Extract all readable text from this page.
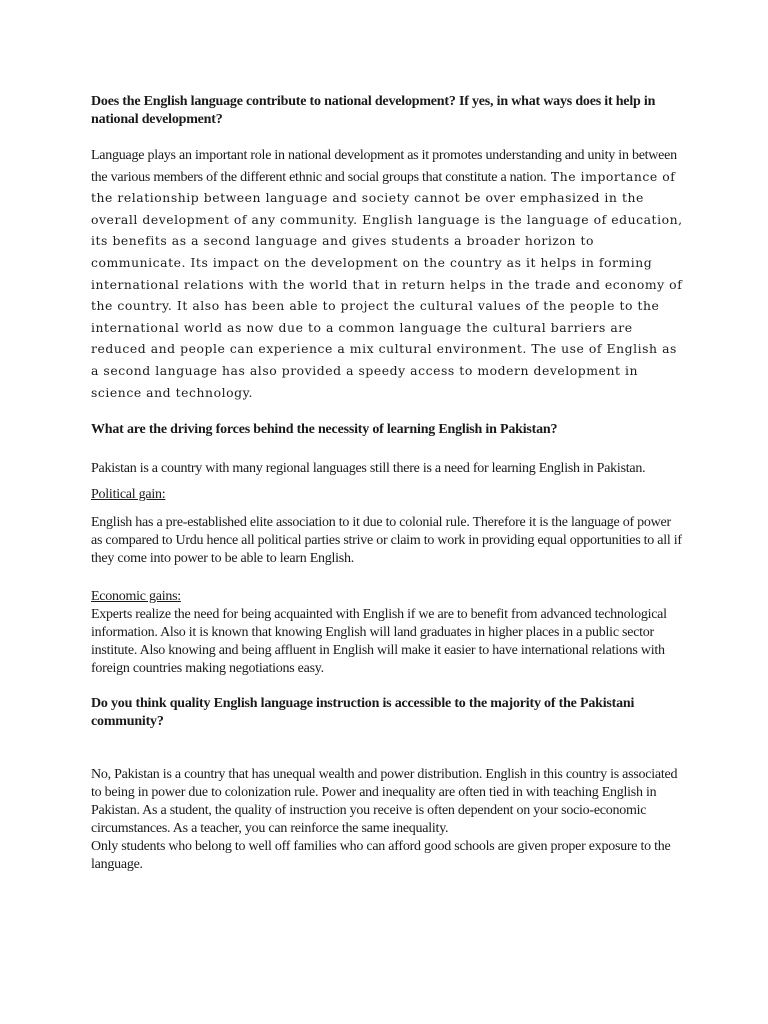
Does the English language contribute to national development? If yes, in what ways does it help in national development?

Language plays an important role in national development as it promotes understanding and unity in between the various members of the different ethnic and social groups that constitute a nation. The importance of the relationship between language and society cannot be over emphasized in the overall development of any community. English language is the language of education, its benefits as a second language and gives students a broader horizon to communicate. Its impact on the development on the country as it helps in forming international relations with the world that in return helps in the trade and economy of the country. It also has been able to project the cultural values of the people to the international world as now due to a common language the cultural barriers are reduced and people can experience a mix cultural environment. The use of English as a second language has also provided a speedy access to modern development in science and technology.

What are the driving forces behind the necessity of learning English in Pakistan?

Pakistan is a country with many regional languages still there is a need for learning English in Pakistan.

Political gain:

English has a pre-established elite association to it due to colonial rule. Therefore it is the language of power as compared to Urdu hence all political parties strive or claim to work in providing equal opportunities to all if they come into power to be able to learn English.

Economic gains:

Experts realize the need for being acquainted with English if we are to benefit from advanced technological information. Also it is known that knowing English will land graduates in higher places in a public sector institute. Also knowing and being affluent in English will make it easier to have international relations with foreign countries making negotiations easy.

Do you think quality English language instruction is accessible to the majority of the Pakistani community?

No, Pakistan is a country that has unequal wealth and power distribution. English in this country is associated to being in power due to colonization rule. Power and inequality are often tied in with teaching English in Pakistan. As a student, the quality of instruction you receive is often dependent on your socio-economic circumstances. As a teacher, you can reinforce the same inequality.

Only students who belong to well off families who can afford good schools are given proper exposure to the language.
